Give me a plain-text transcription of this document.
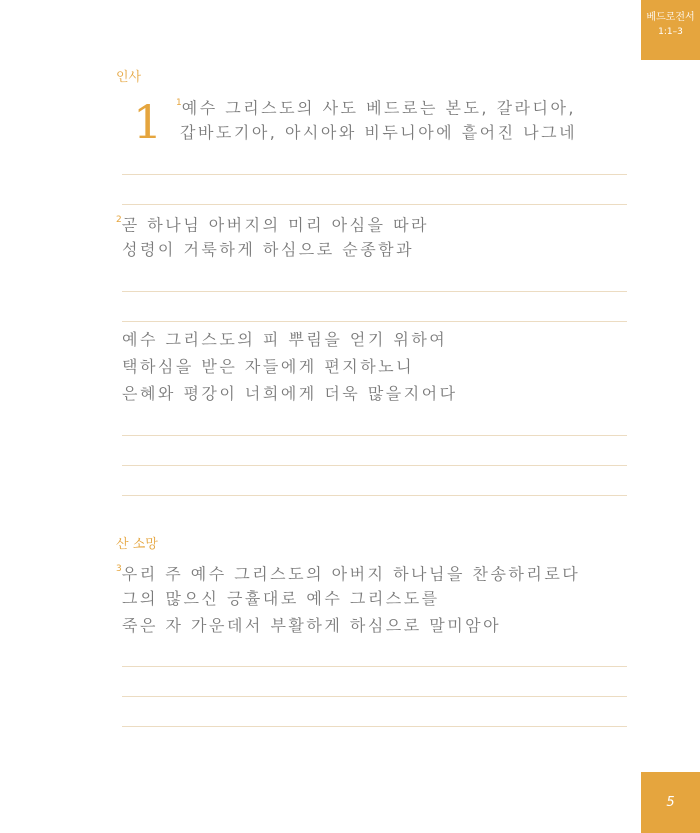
베드로전서
1:1–3
인사
1 $^1$예수 그리스도의 사도 베드로는 본도, 갈라디아,
갑바도기아, 아시아와 비두니아에 흩어진 나그네
$^2$곧 하나님 아버지의 미리 아심을 따라
성령이 거룩하게 하심으로 순종함과
예수 그리스도의 피 뿌림을 얻기 위하여
택하심을 받은 자들에게 편지하노니
은혜와 평강이 너희에게 더욱 많을지어다
산 소망
$^3$우리 주 예수 그리스도의 아버지 하나님을 찬송하리로다
그의 많으신 긍휼대로 예수 그리스도를
죽은 자 가운데서 부활하게 하심으로 말미암아
5
